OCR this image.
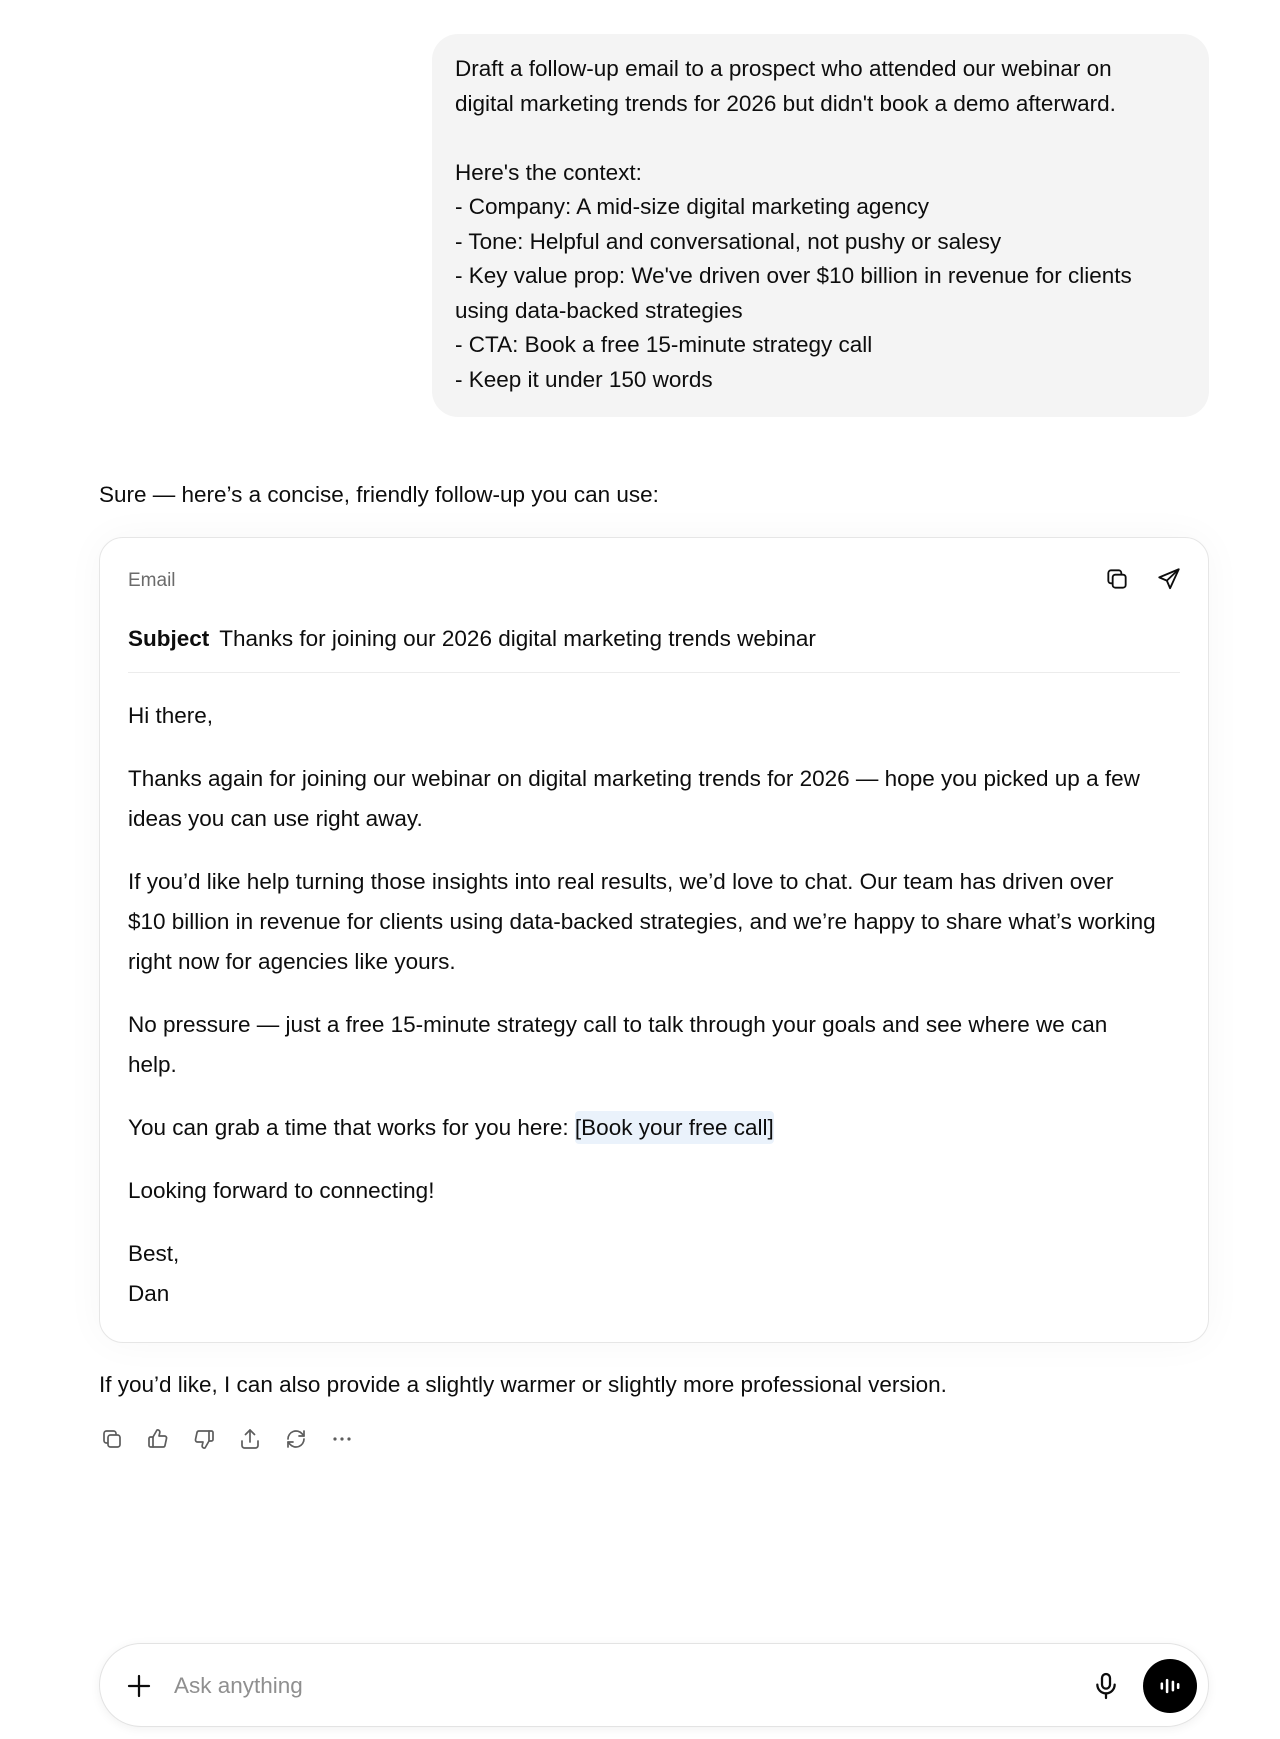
Draft a follow-up email to a prospect who attended our webinar on
digital marketing trends for 2026 but didn't book a demo afterward.
Here's the context:
- Company: A mid-size digital marketing agency
- Tone: Helpful and conversational, not pushy or salesy
- Key value prop: We've driven over $10 billion in revenue for clients
using data-backed strategies
- CTA: Book a free 15-minute strategy call
- Keep it under 150 words
Sure — here’s a concise, friendly follow-up you can use:
Email
Subject Thanks for joining our 2026 digital marketing trends webinar

Hi there,

Thanks again for joining our webinar on digital marketing trends for 2026 — hope you picked up a few ideas you can use right away.

If you’d like help turning those insights into real results, we’d love to chat. Our team has driven over $10 billion in revenue for clients using data-backed strategies, and we’re happy to share what’s working right now for agencies like yours.

No pressure — just a free 15-minute strategy call to talk through your goals and see where we can help.

You can grab a time that works for you here: [Book your free call]

Looking forward to connecting!

Best,

Dan

If you’d like, I can also provide a slightly warmer or slightly more professional version.
Ask anything
